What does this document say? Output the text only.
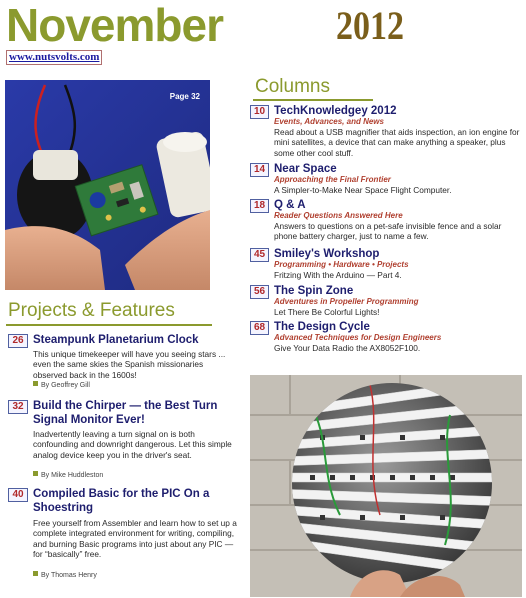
November	2012
www.nutsvolts.com
Page 32
Projects & Features
26 Steampunk Planetarium Clock
This unique timekeeper will have you seeing stars ... even the same skies the Spanish missionaries observed back in the 1600s!
By Geoffrey Gill
32 Build the Chirper — the Best Turn Signal Monitor Ever!
Inadvertently leaving a turn signal on is both confounding and downright dangerous. Let this simple analog device keep you in the driver's seat.
By Mike Huddleston
40 Compiled Basic for the PIC On a Shoestring
Free yourself from Assembler and learn how to set up a complete integrated environment for writing, compiling, and burning Basic programs into just about any PIC — for “basically” free.
By Thomas Henry
Columns
10 TechKnowledgey 2012
Events, Advances, and News
Read about a USB magnifier that aids inspection, an ion engine for mini satellites, a device that can make anything a speaker, plus some other cool stuff.
14 Near Space
Approaching the Final Frontier
A Simpler-to-Make Near Space Flight Computer.
18 Q & A
Reader Questions Answered Here
Answers to questions on a pet-safe invisible fence and a solar phone battery charger, just to name a few.
45 Smiley's Workshop
Programming • Hardware • Projects
Fritzing With the Arduino — Part 4.
56 The Spin Zone
Adventures in Propeller Programming
Let There Be Colorful Lights!
68 The Design Cycle
Advanced Techniques for Design Engineers
Give Your Data Radio the AX8052F100.
